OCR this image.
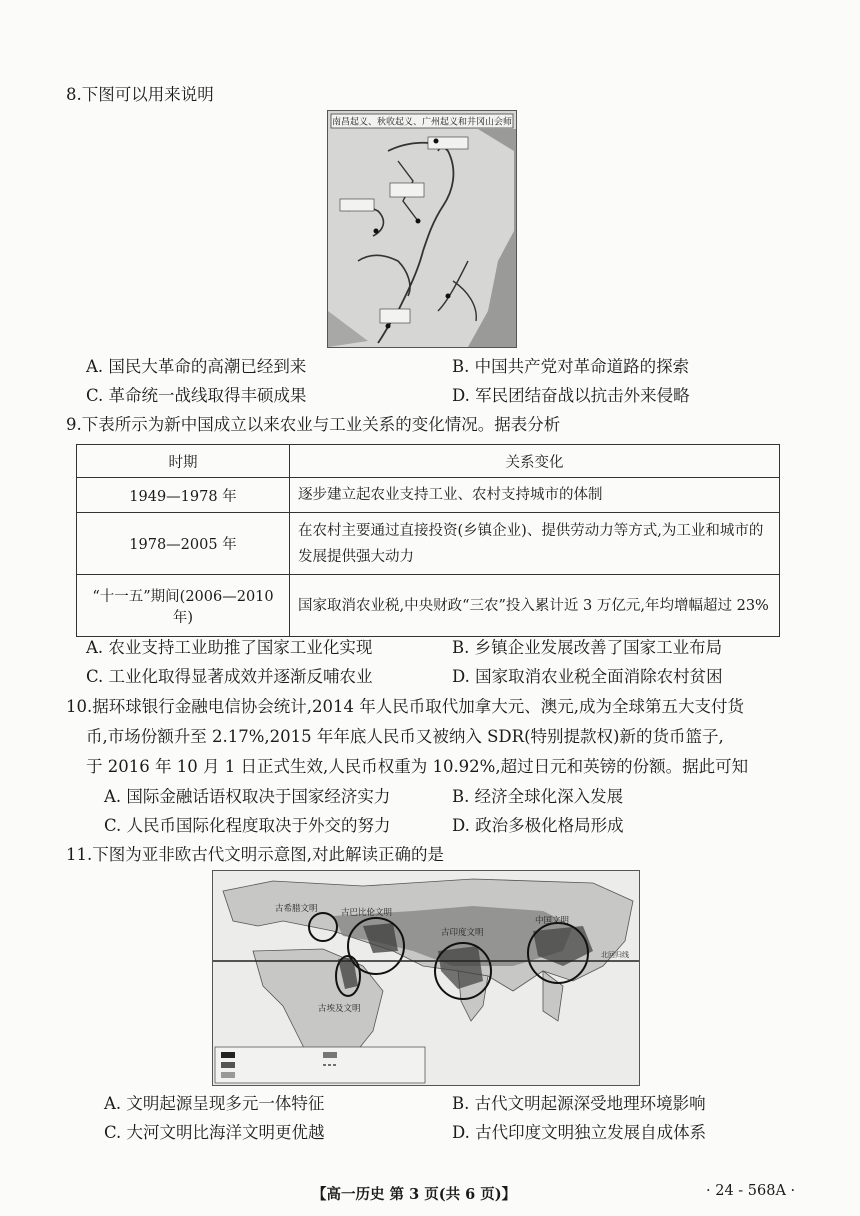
8.下图可以用来说明
南昌起义、秋收起义、广州起义和井冈山会师
A. 国民大革命的高潮已经到来	B. 中国共产党对革命道路的探索
C. 革命统一战线取得丰硕成果	D. 军民团结奋战以抗击外来侵略
9.下表所示为新中国成立以来农业与工业关系的变化情况。据表分析
时期	关系变化
1949—1978 年	逐步建立起农业支持工业、农村支持城市的体制
1978—2005 年	在农村主要通过直接投资(乡镇企业)、提供劳动力等方式,为工业和城市的发展提供强大动力
“十一五”期间(2006—2010 年)	国家取消农业税,中央财政“三农”投入累计近 3 万亿元,年均增幅超过 23%
A. 农业支持工业助推了国家工业化实现	B. 乡镇企业发展改善了国家工业布局
C. 工业化取得显著成效并逐渐反哺农业	D. 国家取消农业税全面消除农村贫困
10.据环球银行金融电信协会统计,2014 年人民币取代加拿大元、澳元,成为全球第五大支付货
币,市场份额升至 2.17%,2015 年年底人民币又被纳入 SDR(特别提款权)新的货币篮子,
于 2016 年 10 月 1 日正式生效,人民币权重为 10.92%,超过日元和英镑的份额。据此可知
A. 国际金融话语权取决于国家经济实力	B. 经济全球化深入发展
C. 人民币国际化程度取决于外交的努力	D. 政治多极化格局形成
11.下图为亚非欧古代文明示意图,对此解读正确的是
古希腊文明	古巴比伦文明
古印度文明
中国文明
古埃及文明
北回归线
A. 文明起源呈现多元一体特征	B. 古代文明起源深受地理环境影响
C. 大河文明比海洋文明更优越	D. 古代印度文明独立发展自成体系
【高一历史 第 3 页(共 6 页)】	· 24 - 568A ·
